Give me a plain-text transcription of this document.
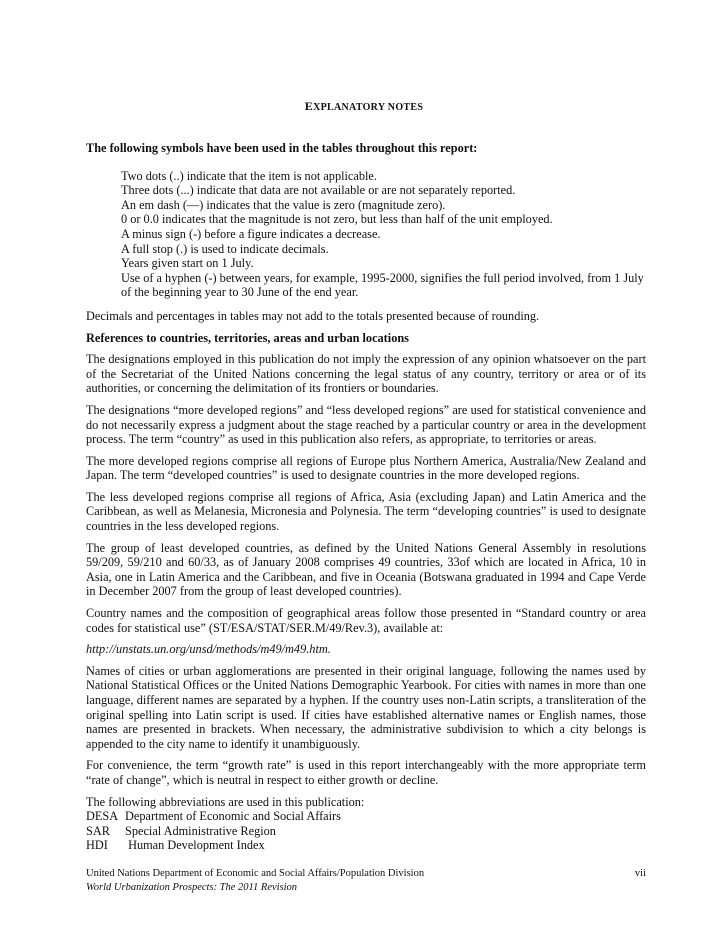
EXPLANATORY NOTES

The following symbols have been used in the tables throughout this report:

Two dots (..) indicate that the item is not applicable.
Three dots (...) indicate that data are not available or are not separately reported.
An em dash (—) indicates that the value is zero (magnitude zero).
0 or 0.0 indicates that the magnitude is not zero, but less than half of the unit employed.
A minus sign (-) before a figure indicates a decrease.
A full stop (.) is used to indicate decimals.
Years given start on 1 July.
Use of a hyphen (-) between years, for example, 1995-2000, signifies the full period involved, from 1 July of the beginning year to 30 June of the end year.

Decimals and percentages in tables may not add to the totals presented because of rounding.

References to countries, territories, areas and urban locations

The designations employed in this publication do not imply the expression of any opinion whatsoever on the part of the Secretariat of the United Nations concerning the legal status of any country, territory or area or of its authorities, or concerning the delimitation of its frontiers or boundaries.

The designations “more developed regions” and “less developed regions” are used for statistical convenience and do not necessarily express a judgment about the stage reached by a particular country or area in the development process. The term “country” as used in this publication also refers, as appropriate, to territories or areas.

The more developed regions comprise all regions of Europe plus Northern America, Australia/New Zealand and Japan. The term “developed countries” is used to designate countries in the more developed regions.

The less developed regions comprise all regions of Africa, Asia (excluding Japan) and Latin America and the Caribbean, as well as Melanesia, Micronesia and Polynesia. The term “developing countries” is used to designate countries in the less developed regions.

The group of least developed countries, as defined by the United Nations General Assembly in resolutions 59/209, 59/210 and 60/33, as of January 2008 comprises 49 countries, 33of which are located in Africa, 10 in Asia, one in Latin America and the Caribbean, and five in Oceania (Botswana graduated in 1994 and Cape Verde in December 2007 from the group of least developed countries).

Country names and the composition of geographical areas follow those presented in “Standard country or area codes for statistical use” (ST/ESA/STAT/SER.M/49/Rev.3), available at:

http://unstats.un.org/unsd/methods/m49/m49.htm.

Names of cities or urban agglomerations are presented in their original language, following the names used by National Statistical Offices or the United Nations Demographic Yearbook. For cities with names in more than one language, different names are separated by a hyphen. If the country uses non-Latin scripts, a transliteration of the original spelling into Latin script is used. If cities have established alternative names or English names, those names are presented in brackets. When necessary, the administrative subdivision to which a city belongs is appended to the city name to identify it unambiguously.

For convenience, the term “growth rate” is used in this report interchangeably with the more appropriate term “rate of change”, which is neutral in respect to either growth or decline.

The following abbreviations are used in this publication:

DESA Department of Economic and Social Affairs
SAR	Special Administrative Region
HDI	Human Development Index
United Nations Department of Economic and Social Affairs/Population Division	vii
World Urbanization Prospects: The 2011 Revision
